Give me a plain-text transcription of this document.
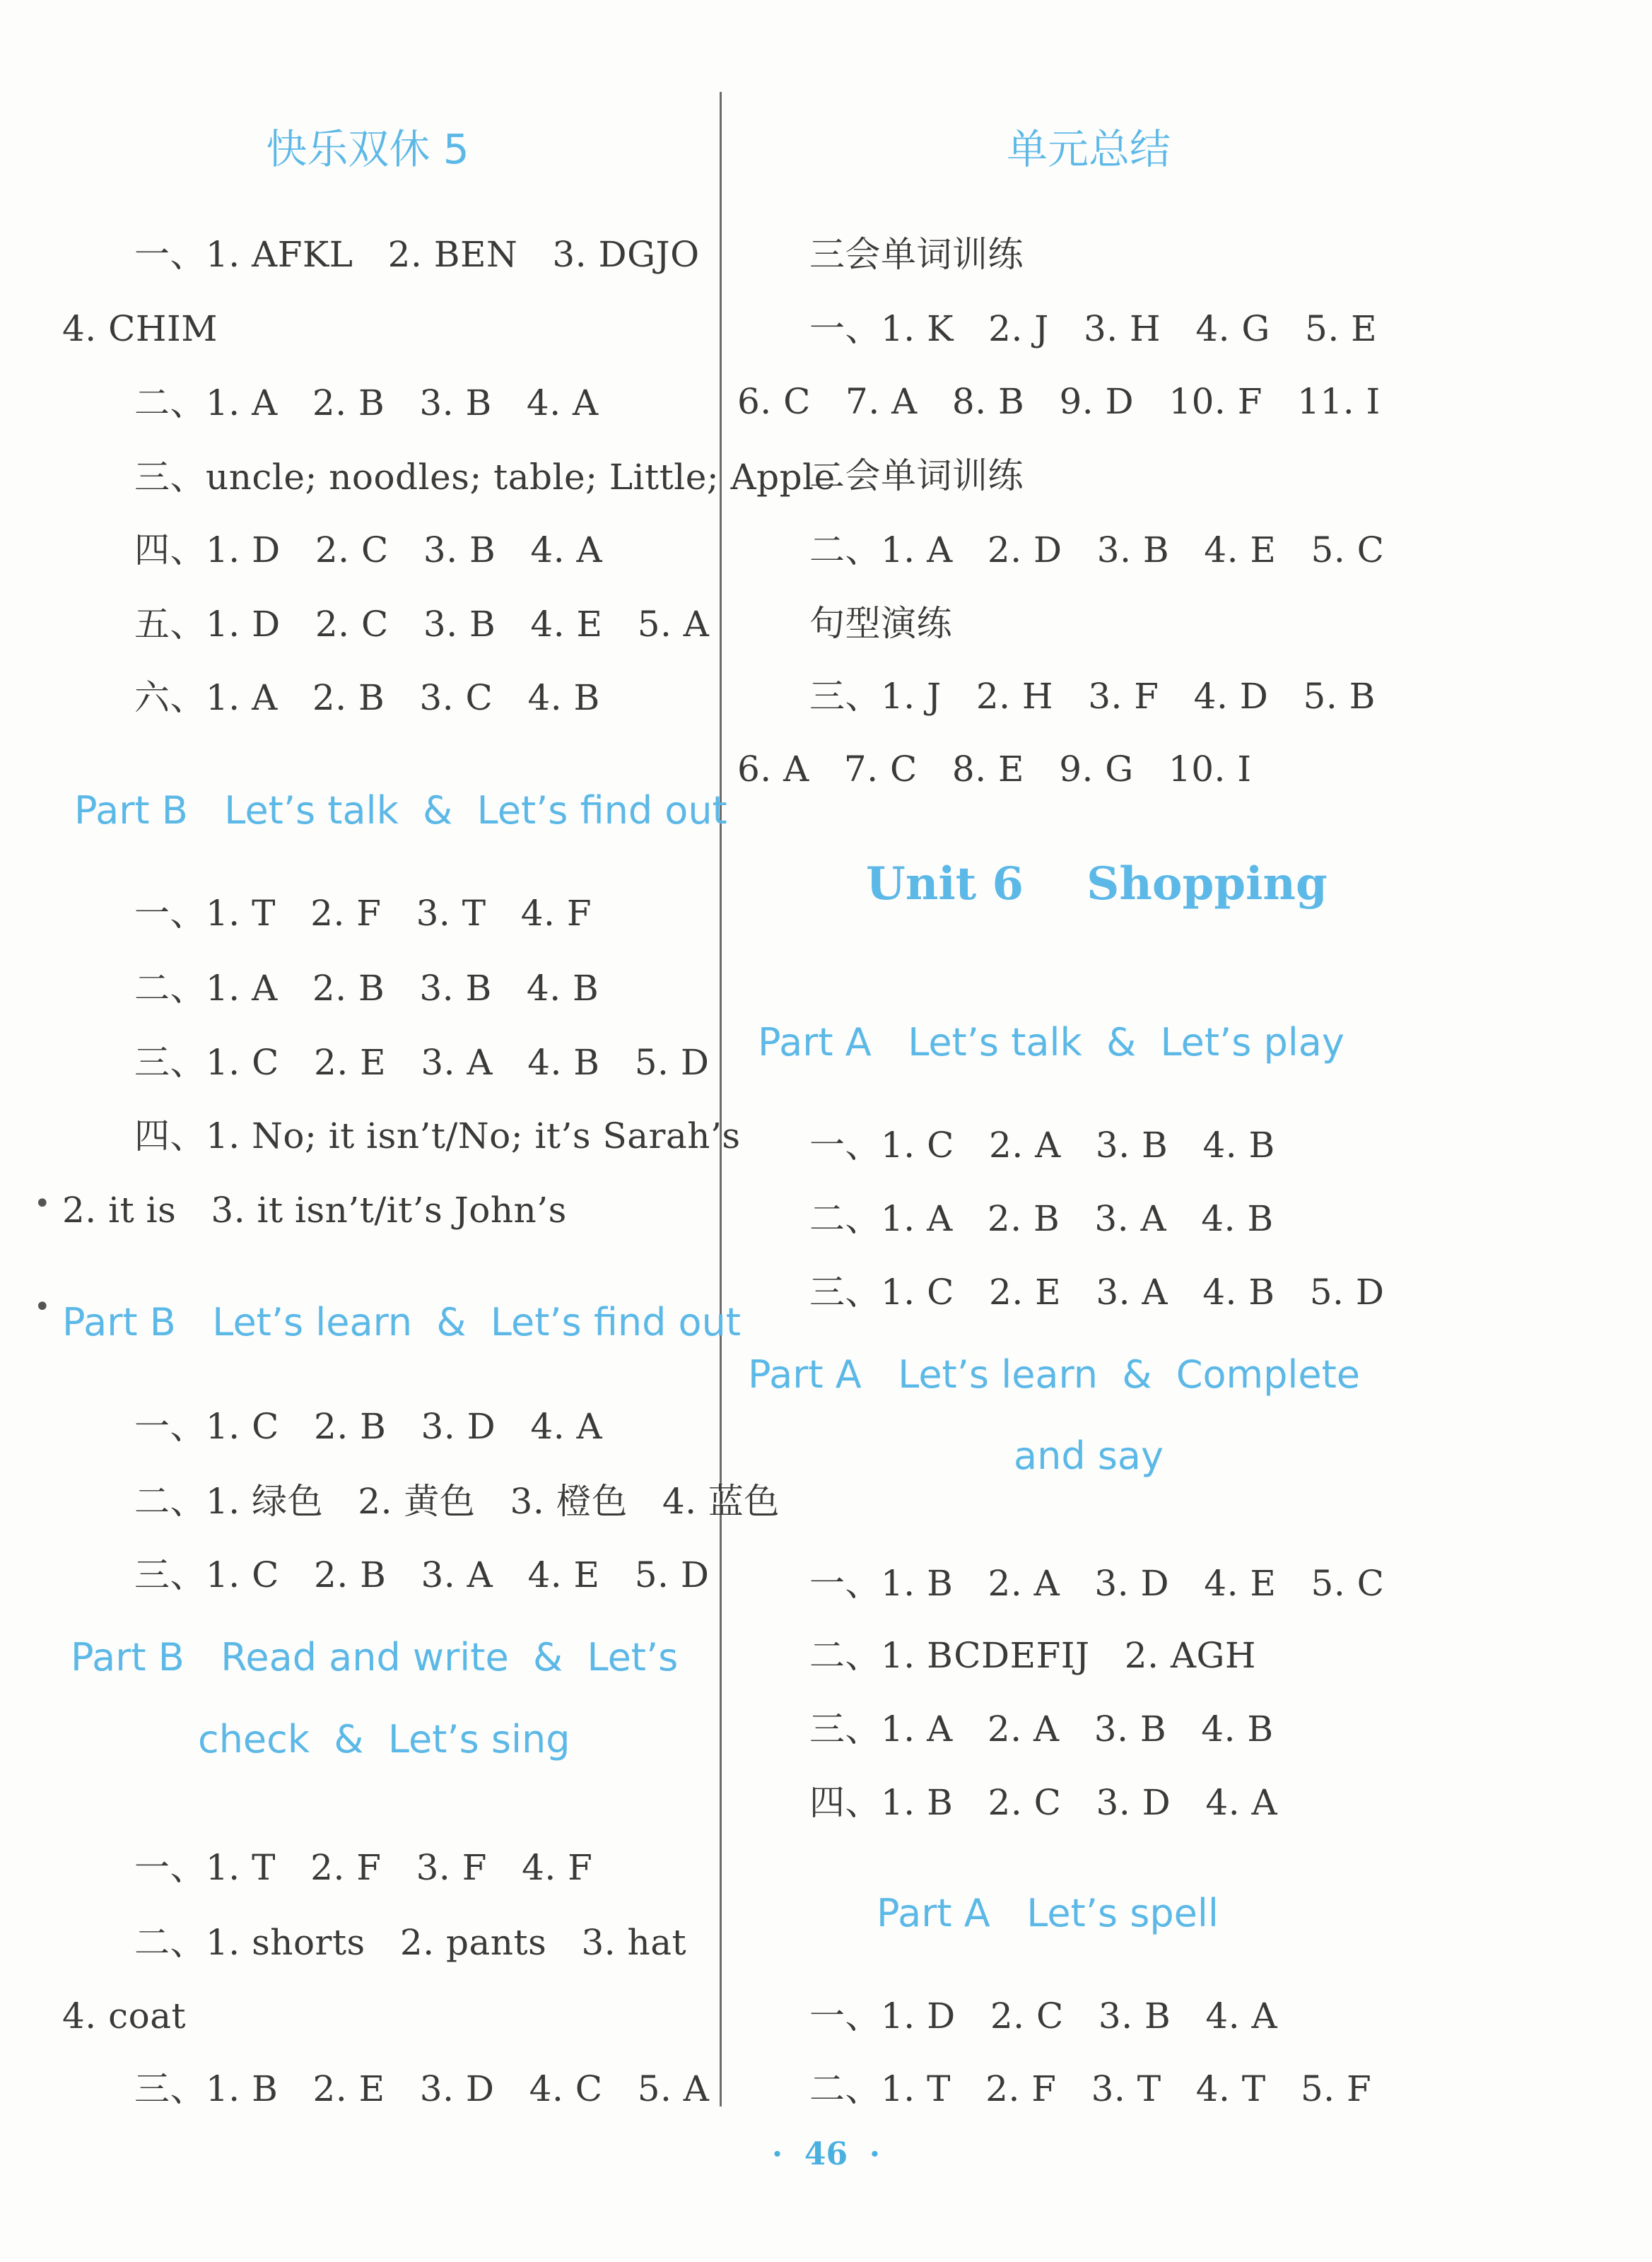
快乐双休 5
一、1. AFKL   2. BEN   3. DGJO
4. CHIM
二、1. A   2. B   3. B   4. A
三、uncle; noodles; table; Little; Apple
四、1. D   2. C   3. B   4. A
五、1. D   2. C   3. B   4. E   5. A
六、1. A   2. B   3. C   4. B
Part B   Let’s talk  &  Let’s find out
一、1. T   2. F   3. T   4. F
二、1. A   2. B   3. B   4. B
三、1. C   2. E   3. A   4. B   5. D
四、1. No; it isn’t/No; it’s Sarah’s
• 2. it is   3. it isn’t/it’s John’s
• Part B   Let’s learn  &  Let’s find out
一、1. C   2. B   3. D   4. A
二、1. 绿色   2. 黄色   3. 橙色   4. 蓝色
三、1. C   2. B   3. A   4. E   5. D
Part B   Read and write  &  Let’s
check  &  Let’s sing
一、1. T   2. F   3. F   4. F
二、1. shorts   2. pants   3. hat
4. coat
三、1. B   2. E   3. D   4. C   5. A
单元总结
三会单词训练
一、1. K   2. J   3. H   4. G   5. E
6. C   7. A   8. B   9. D   10. F   11. I
二会单词训练
二、1. A   2. D   3. B   4. E   5. C
句型演练
三、1. J   2. H   3. F   4. D   5. B
6. A   7. C   8. E   9. G   10. I
Unit 6    Shopping
Part A   Let’s talk  &  Let’s play
一、1. C   2. A   3. B   4. B
二、1. A   2. B   3. A   4. B
三、1. C   2. E   3. A   4. B   5. D
Part A   Let’s learn  &  Complete
and say
一、1. B   2. A   3. D   4. E   5. C
二、1. BCDEFIJ   2. AGH
三、1. A   2. A   3. B   4. B
四、1. B   2. C   3. D   4. A
Part A   Let’s spell
一、1. D   2. C   3. B   4. A
二、1. T   2. F   3. T   4. T   5. F
·  46  ·
